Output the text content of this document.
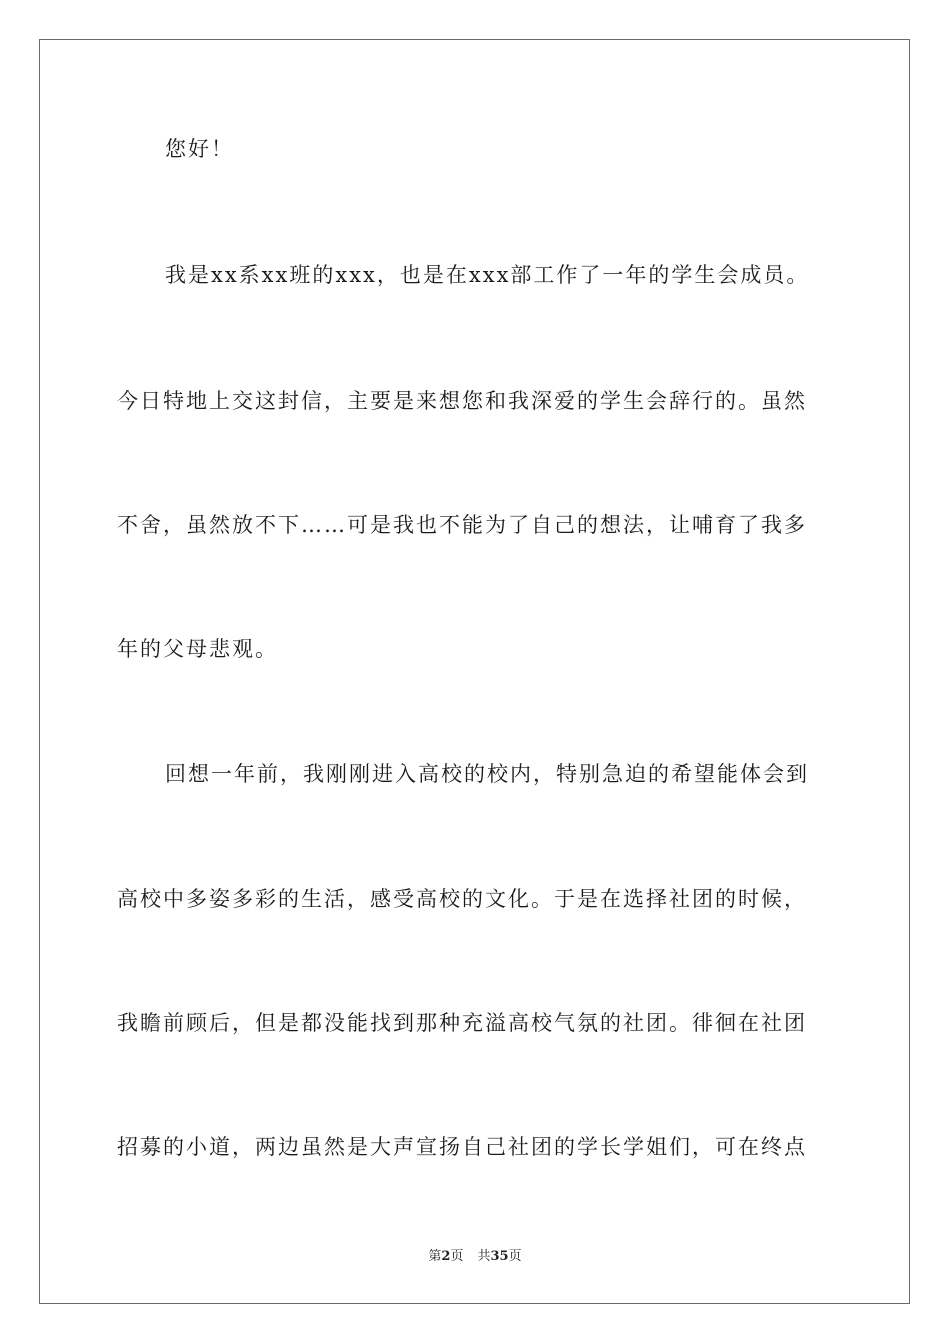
您好！
我是xx系xx班的xxx，也是在xxx部工作了一年的学生会成员。
今日特地上交这封信，主要是来想您和我深爱的学生会辞行的。虽然
不舍，虽然放不下……可是我也不能为了自己的想法，让哺育了我多
年的父母悲观。
回想一年前，我刚刚进入高校的校内，特别急迫的希望能体会到
高校中多姿多彩的生活，感受高校的文化。于是在选择社团的时候，
我瞻前顾后，但是都没能找到那种充溢高校气氛的社团。徘徊在社团
招募的小道，两边虽然是大声宣扬自己社团的学长学姐们，可在终点
第2页 共35页
